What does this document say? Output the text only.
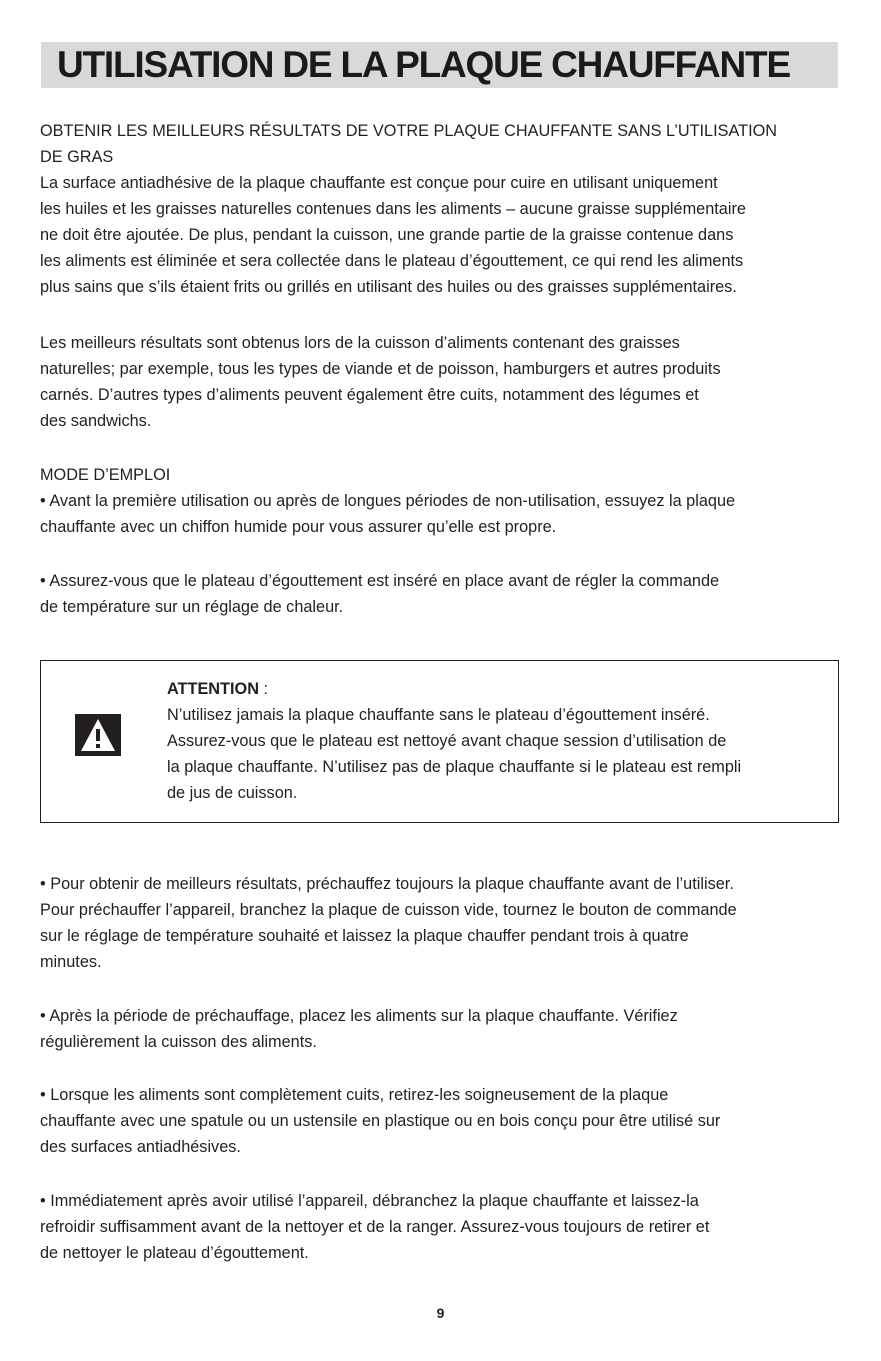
UTILISATION DE LA PLAQUE CHAUFFANTE
OBTENIR LES MEILLEURS RÉSULTATS DE VOTRE PLAQUE CHAUFFANTE SANS L’UTILISATION
DE GRAS
La surface antiadhésive de la plaque chauffante est conçue pour cuire en utilisant uniquement
les huiles et les graisses naturelles contenues dans les aliments – aucune graisse supplémentaire
ne doit être ajoutée. De plus, pendant la cuisson, une grande partie de la graisse contenue dans
les aliments est éliminée et sera collectée dans le plateau d’égouttement, ce qui rend les aliments
plus sains que s’ils étaient frits ou grillés en utilisant des huiles ou des graisses supplémentaires.
Les meilleurs résultats sont obtenus lors de la cuisson d’aliments contenant des graisses
naturelles; par exemple, tous les types de viande et de poisson, hamburgers et autres produits
carnés. D’autres types d’aliments peuvent également être cuits, notamment des légumes et
des sandwichs.
MODE D’EMPLOI
• Avant la première utilisation ou après de longues périodes de non-utilisation, essuyez la plaque
chauffante avec un chiffon humide pour vous assurer qu’elle est propre.
• Assurez-vous que le plateau d’égouttement est inséré en place avant de régler la commande
de température sur un réglage de chaleur.
ATTENTION :
N’utilisez jamais la plaque chauffante sans le plateau d’égouttement inséré.
Assurez-vous que le plateau est nettoyé avant chaque session d’utilisation de
la plaque chauffante. N’utilisez pas de plaque chauffante si le plateau est rempli
de jus de cuisson.
• Pour obtenir de meilleurs résultats, préchauffez toujours la plaque chauffante avant de l’utiliser.
Pour préchauffer l’appareil, branchez la plaque de cuisson vide, tournez le bouton de commande
sur le réglage de température souhaité et laissez la plaque chauffer pendant trois à quatre
minutes.
• Après la période de préchauffage, placez les aliments sur la plaque chauffante. Vérifiez
régulièrement la cuisson des aliments.
• Lorsque les aliments sont complètement cuits, retirez-les soigneusement de la plaque
chauffante avec une spatule ou un ustensile en plastique ou en bois conçu pour être utilisé sur
des surfaces antiadhésives.
• Immédiatement après avoir utilisé l’appareil, débranchez la plaque chauffante et laissez-la
refroidir suffisamment avant de la nettoyer et de la ranger. Assurez-vous toujours de retirer et
de nettoyer le plateau d’égouttement.
9
